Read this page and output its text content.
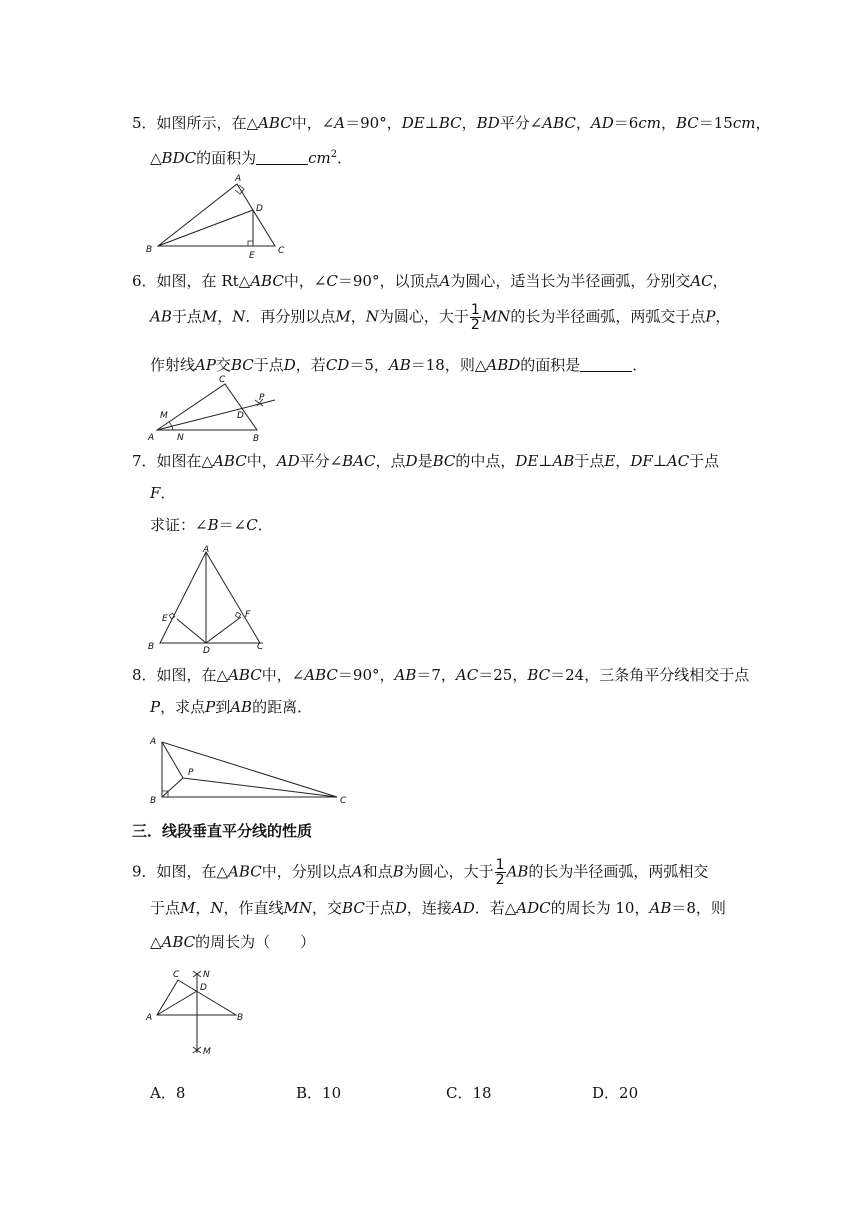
5．如图所示，在△ABC中，∠A＝90°，DE⊥BC，BD平分∠ABC，AD＝6cm，BC＝15cm，
△BDC的面积为	$cm^2$．
A
B	C
D
E
6．如图，在 Rt△ABC中，∠C＝90°，以顶点A为圆心，适当长为半径画弧，分别交AC，
AB于点M，N．再分别以点M，N为圆心，大于 $\frac{1}{2}$ MN的长为半径画弧，两弧交于点P，
作射线AP交BC于点D，若CD＝5，AB＝18，则△ABD的面积是	．
C
A	B
D
M
N
P
7．如图在△ABC中，AD平分∠BAC，点D是BC的中点，DE⊥AB于点E，DF⊥AC于点
F．
求证：∠B＝∠C．
A
B	C
D
E	F
8．如图，在△ABC中，∠ABC＝90°，AB＝7，AC＝25，BC＝24，三条角平分线相交于点
P，求点P到AB的距离．
A
B	C
P
三．线段垂直平分线的性质
9．如图，在△ABC中，分别以点A和点B为圆心，大于 $\frac{1}{2}$ AB的长为半径画弧，两弧相交
于点M，N，作直线MN，交BC于点D，连接AD．若△ADC的周长为 10，AB＝8，则
△ABC的周长为（　　）
C	N
D
A	B
M
A．8	B．10	C．18	D．20
